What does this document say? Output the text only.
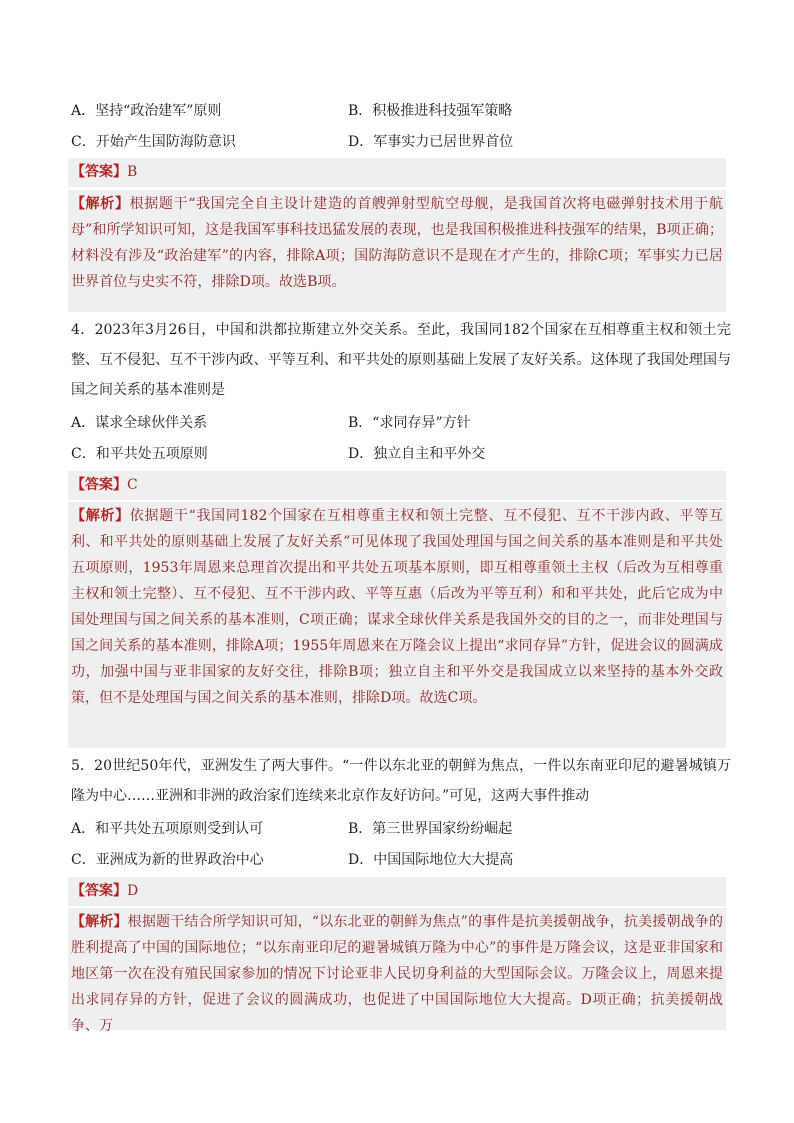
A．坚持“政治建军”原则	B．积极推进科技强军策略
C．开始产生国防海防意识	D．军事实力已居世界首位
【答案】B
【解析】根据题干“我国完全自主设计建造的首艘弹射型航空母舰，是我国首次将电磁弹射技术用于航母”和所学知识可知，这是我国军事科技迅猛发展的表现，也是我国积极推进科技强军的结果，B项正确；材料没有涉及“政治建军”的内容，排除A项；国防海防意识不是现在才产生的，排除C项；军事实力已居世界首位与史实不符，排除D项。故选B项。
4．2023年3月26日，中国和洪都拉斯建立外交关系。至此，我国同182个国家在互相尊重主权和领土完整、互不侵犯、互不干涉内政、平等互利、和平共处的原则基础上发展了友好关系。这体现了我国处理国与国之间关系的基本准则是
A．谋求全球伙伴关系	B．“求同存异”方针
C．和平共处五项原则	D．独立自主和平外交
【答案】C
【解析】依据题干“我国同182个国家在互相尊重主权和领土完整、互不侵犯、互不干涉内政、平等互利、和平共处的原则基础上发展了友好关系”可见体现了我国处理国与国之间关系的基本准则是和平共处五项原则，1953年周恩来总理首次提出和平共处五项基本原则，即互相尊重领土主权（后改为互相尊重主权和领土完整）、互不侵犯、互不干涉内政、平等互惠（后改为平等互利）和和平共处，此后它成为中国处理国与国之间关系的基本准则，C项正确；谋求全球伙伴关系是我国外交的目的之一，而非处理国与国之间关系的基本准则，排除A项；1955年周恩来在万隆会议上提出“求同存异”方针，促进会议的圆满成功，加强中国与亚非国家的友好交往，排除B项；独立自主和平外交是我国成立以来坚持的基本外交政策，但不是处理国与国之间关系的基本准则，排除D项。故选C项。
5．20世纪50年代，亚洲发生了两大事件。“一件以东北亚的朝鲜为焦点，一件以东南亚印尼的避暑城镇万隆为中心……亚洲和非洲的政治家们连续来北京作友好访问。”可见，这两大事件推动
A．和平共处五项原则受到认可	B．第三世界国家纷纷崛起
C．亚洲成为新的世界政治中心	D．中国国际地位大大提高
【答案】D
【解析】根据题干结合所学知识可知，“以东北亚的朝鲜为焦点”的事件是抗美援朝战争，抗美援朝战争的胜利提高了中国的国际地位；“以东南亚印尼的避暑城镇万隆为中心”的事件是万隆会议，这是亚非国家和地区第一次在没有殖民国家参加的情况下讨论亚非人民切身利益的大型国际会议。万隆会议上，周恩来提出求同存异的方针，促进了会议的圆满成功，也促进了中国国际地位大大提高。D项正确；抗美援朝战争、万
